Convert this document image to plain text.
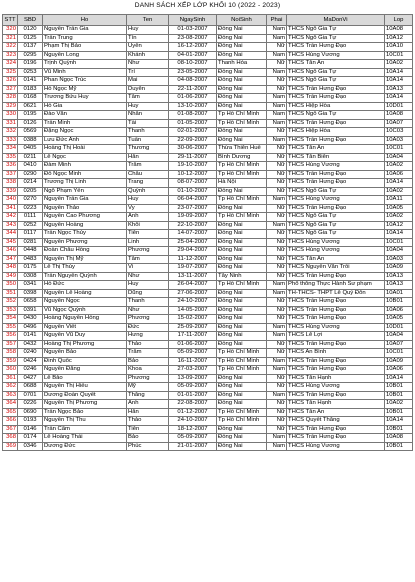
DANH SÁCH XẾP LỚP KHỐI 10 (2022 - 2023)
STT	SBD	Ho	Ten	NgaySinh	NoiSinh	Phai	MaDonVi	Lop
320	0120	Nguyễn Trần Gia	Huy	01-03-2007	Đồng Nai	Nam	THCS Ngô Gia Tự	10A08
321	0125	Trần Trung	Tín	23-08-2007	Đồng Nai	Nam	THCS Ngô Gia Tự	10A12
322	0137	Phạm Thị Bảo	Uyên	16-12-2007	Đồng Nai	Nữ	THCS Trần Hưng Đạo	10A10
323	0295	Nguyễn Long	Khánh	04-01-2007	Đồng Nai	Nam	THCS Hùng Vương	10C01
324	0196	Trịnh Quỳnh	Như	08-10-2007	Thanh Hóa	Nữ	THCS Tân An	10A02
325	0253	Vũ Minh	Trí	23-05-2007	Đồng Nai	Nam	THCS Ngô Gia Tự	10A14
326	0141	Phan Ngọc Trúc	Mai	04-08-2007	Đồng Nai	Nữ	THCS Ngô Gia Tự	10A14
327	0183	Hồ Ngọc Mỹ	Duyên	22-11-2007	Đồng Nai	Nữ	THCS Trần Hưng Đạo	10A13
328	0168	Trương Bửu Huy	Tâm	01-06-2007	Đồng Nai	Nam	THCS Trần Hưng Đạo	10A14
329	0621	Hồ Gia	Huy	13-10-2007	Đồng Nai	Nam	THCS Hiệp Hòa	10D01
330	0195	Đào Văn	Nhân	01-08-2007	Tp Hồ Chí Minh	Nam	THCS Ngô Gia Tự	10A08
331	0126	Trần Minh	Tài	01-05-2007	Tp Hồ Chí Minh	Nam	THCS Trần Hưng Đạo	10A07
332	0569	Đặng Ngọc	Thanh	02-01-2007	Đồng Nai	Nữ	THCS Hiệp Hòa	10C03
333	0388	Lưu Đức Anh	Tuấn	22-09-2007	Đồng Nai	Nam	THCS Trần Hưng Đạo	10A03
334	0405	Hoàng Thị Hoài	Thương	30-06-2007	Thừa Thiên Huế	Nữ	THCS Tân An	10C01
335	0211	Lê Ngọc	Hân	29-11-2007	Bình Dương	Nữ	THCS Tân Biên	10A04
336	0410	Đàm Minh	Trâm	19-10-2007	Tp Hồ Chí Minh	Nữ	THCS Hùng Vương	10A02
337	0290	Đỗ Ngọc Minh	Châu	10-12-2007	Tp Hồ Chí Minh	Nữ	THCS Trần Hưng Đạo	10A06
338	0214	Trương Thị Linh	Trang	08-07-2007	Hà Nội	Nữ	THCS Trần Hưng Đạo	10A14
339	0205	Ngô Phạm Yến	Quỳnh	01-10-2007	Đồng Nai	Nữ	THCS Ngô Gia Tự	10A02
340	0270	Nguyễn Trần Gia	Huy	06-04-2007	Tp Hồ Chí Minh	Nam	THCS Hùng Vương	10A11
341	0223	Nguyễn Thảo	Vy	23-07-2007	Đồng Nai	Nữ	THCS Trần Hưng Đạo	10A05
342	0111	Nguyễn Cao Phương	Anh	19-09-2007	Tp Hồ Chí Minh	Nữ	THCS Ngô Gia Tự	10A02
343	0252	Nguyễn Hoàng	Khôi	22-10-2007	Đồng Nai	Nam	THCS Ngô Gia Tự	10A12
344	0117	Trần Ngọc Thủy	Tiên	14-07-2007	Đồng Nai	Nữ	THCS Ngô Gia Tự	10A14
345	0281	Nguyễn Phương	Linh	25-04-2007	Đồng Nai	Nữ	THCS Hùng Vương	10C01
346	0448	Đoàn Châu Hồng	Phương	29-04-2007	Đồng Nai	Nữ	THCS Hùng Vương	10A04
347	0483	Nguyễn Thị Mỹ	Tâm	11-12-2007	Đồng Nai	Nữ	THCS Tân An	10A03
348	0175	Lê Thị Thúy	Vi	19-07-2007	Đồng Nai	Nữ	THCS Nguyễn Văn Trỗi	10A09
349	0308	Trần Nguyễn Quỳnh	Như	13-11-2007	Tây Ninh	Nữ	THCS Trần Hưng Đạo	10A13
350	0341	Hồ Đức	Huy	26-04-2007	Tp Hồ Chí Minh	Nam	Phổ thông Thực Hành Sư phạm	10A13
351	0398	Nguyễn Lê Hoàng	Dũng	27-06-2007	Đồng Nai	Nam	TH-THCS- THPT Lê Quý Đôn	10A01
352	0658	Nguyễn Ngọc	Thanh	24-10-2007	Đồng Nai	Nữ	THCS Trần Hưng Đạo	10B01
353	0391	Vũ Ngọc Quỳnh	Như	14-05-2007	Đồng Nai	Nữ	THCS Trần Hưng Đạo	10A06
354	0430	Hoàng Nguyễn Hồng	Phương	15-02-2007	Đồng Nai	Nữ	THCS Trần Hưng Đạo	10A05
355	0496	Nguyễn Viết	Đức	25-09-2007	Đồng Nai	Nam	THCS Hùng Vương	10D01
356	0141	Nguyễn Vũ Duy	Hưng	17-11-2007	Đồng Nai	Nam	THCS Lê Lợi	10A04
357	0432	Hoàng Thị Phương	Thảo	01-06-2007	Đồng Nai	Nữ	THCS Trần Hưng Đạo	10A07
358	0240	Nguyễn Bảo	Trâm	05-09-2007	Tp Hồ Chí Minh	Nữ	THCS An Bình	10C01
359	0424	Đinh Quốc	Bảo	16-11-2007	Tp Hồ Chí Minh	Nam	THCS Trần Hưng Đạo	10A09
360	0246	Nguyễn Đăng	Khoa	27-03-2007	Tp Hồ Chí Minh	Nam	THCS Trần Hưng Đạo	10A06
361	0427	Lê Bảo	Phương	13-09-2007	Đồng Nai	Nữ	THCS Tân Hạnh	10A14
362	0688	Nguyễn Thị Hiếu	Mỹ	05-09-2007	Đồng Nai	Nữ	THCS Hùng Vương	10B01
363	0701	Dương Đoàn Quyết	Thắng	01-01-2007	Đồng Nai	Nam	THCS Trần Hưng Đạo	10B01
364	0226	Nguyễn Thị Phương	Anh	22-08-2007	Đồng Nai	Nữ	THCS Tân Hạnh	10A02
365	0690	Trần Ngọc Bảo	Hân	01-12-2007	Tp Hồ Chí Minh	Nữ	THCS Tân An	10B01
366	0193	Nguyễn Thị Thu	Thảo	24-10-2007	Tp Hồ Chí Minh	Nữ	THCS Quyết Thắng	10A14
367	0146	Trần Cẩm	Tiên	18-12-2007	Đồng Nai	Nữ	THCS Trần Hưng Đạo	10B01
368	0174	Lê Hoàng Thái	Bảo	05-09-2007	Đồng Nai	Nam	THCS Trần Hưng Đạo	10A08
369	0346	Dương Đức	Phúc	21-01-2007	Đồng Nai	Nam	THCS Hùng Vương	10B01
